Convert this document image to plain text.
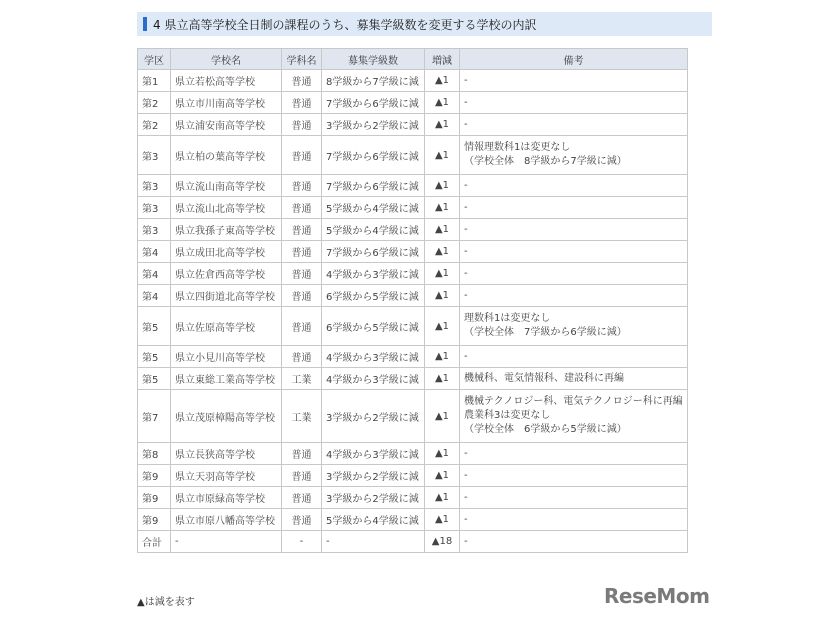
4 県立高等学校全日制の課程のうち、募集学級数を変更する学校の内訳
学区	学校名	学科名	募集学級数	増減	備考
第1	県立若松高等学校	普通	8学級から7学級に減	▲1	-

第2	県立市川南高等学校	普通	7学級から6学級に減	▲1	-

第2	県立浦安南高等学校	普通	3学級から2学級に減	▲1	-

第3	県立柏の葉高等学校	普通	7学級から6学級に減	▲1	情報理数科1は変更なし
（学校全体　8学級から7学級に減）

第3	県立流山南高等学校	普通	7学級から6学級に減	▲1	-

第3	県立流山北高等学校	普通	5学級から4学級に減	▲1	-

第3	県立我孫子東高等学校	普通	5学級から4学級に減	▲1	-

第4	県立成田北高等学校	普通	7学級から6学級に減	▲1	-

第4	県立佐倉西高等学校	普通	4学級から3学級に減	▲1	-

第4	県立四街道北高等学校	普通	6学級から5学級に減	▲1	-

第5	県立佐原高等学校	普通	6学級から5学級に減	▲1	理数科1は変更なし
（学校全体　7学級から6学級に減）

第5	県立小見川高等学校	普通	4学級から3学級に減	▲1	-

第5	県立東総工業高等学校	工業	4学級から3学級に減	▲1	機械科、電気情報科、建設科に再編

第7	県立茂原樟陽高等学校	工業	3学級から2学級に減	▲1	機械テクノロジー科、電気テクノロジー科に再編
農業科3は変更なし
（学校全体　6学級から5学級に減）

第8	県立長狭高等学校	普通	4学級から3学級に減	▲1	-

第9	県立天羽高等学校	普通	3学級から2学級に減	▲1	-

第9	県立市原緑高等学校	普通	3学級から2学級に減	▲1	-

第9	県立市原八幡高等学校	普通	5学級から4学級に減	▲1	-

合計	-	-	-	▲18	-
▲は減を表す	ReseMom
